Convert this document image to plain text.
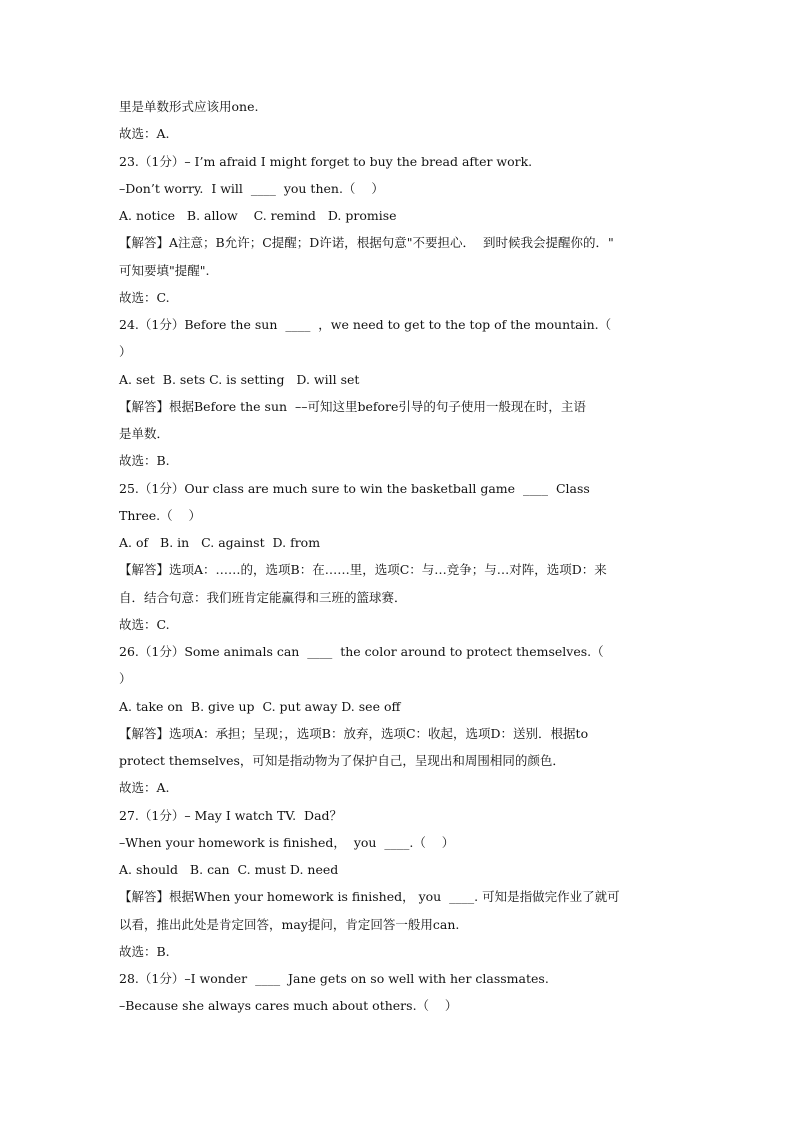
里是单数形式应该用one.
故选：A.
23.（1分）– I’m afraid I might forget to buy the bread after work.
–Don’t worry.  I will  ____  you then.（    ）
A. notice   B. allow    C. remind   D. promise
【解答】A注意；B允许；C提醒；D许诺，根据句意"不要担心．  到时候我会提醒你的．"
可知要填"提醒".
故选：C.
24.（1分）Before the sun  ____  ，we need to get to the top of the mountain.（
）
A. set  B. sets C. is setting   D. will set
【解答】根据Before the sun  ––可知这里before引导的句子使用一般现在时，主语
是单数．
故选：B.
25.（1分）Our class are much sure to win the basketball game  ____  Class
Three.（    ）
A. of   B. in   C. against  D. from
【解答】选项A：……的，选项B：在……里，选项C：与…竞争；与…对阵，选项D：来
自．结合句意：我们班肯定能赢得和三班的篮球赛．
故选：C.
26.（1分）Some animals can  ____  the color around to protect themselves.（
）
A. take on  B. give up  C. put away D. see off
【解答】选项A：承担；呈现；，选项B：放弃，选项C：收起，选项D：送别．根据to
protect themselves，可知是指动物为了保护自己，呈现出和周围相同的颜色．
故选：A.
27.（1分）– May I watch TV.  Dad？
–When your homework is finished，  you  ____.（    ）
A. should   B. can  C. must D. need
【解答】根据When your homework is finished， you  ____. 可知是指做完作业了就可
以看，推出此处是肯定回答，may提问，肯定回答一般用can.
故选：B.
28.（1分）–I wonder  ____  Jane gets on so well with her classmates.
–Because she always cares much about others.（    ）
